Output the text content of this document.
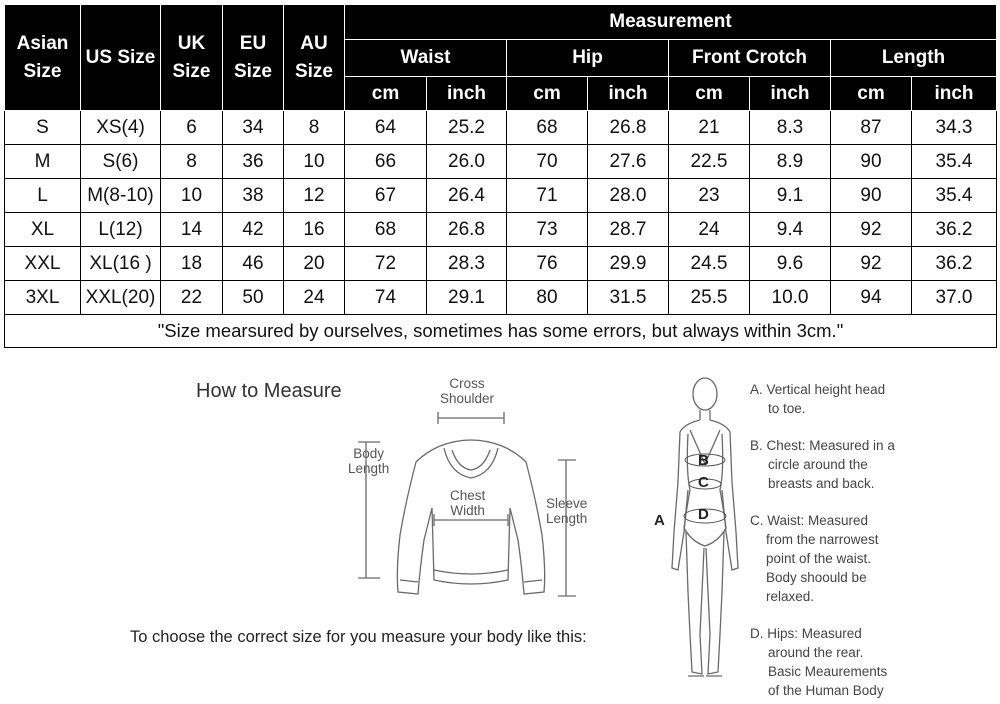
Asian Size	US Size	UK Size	EU Size	AU Size	Measurement							
					Waist		Hip		Front Crotch		Length	
					cm	inch	cm	inch	cm	inch	cm	inch
S	XS(4)	6	34	8	64	25.2	68	26.8	21	8.3	87	34.3
M	S(6)	8	36	10	66	26.0	70	27.6	22.5	8.9	90	35.4
L	M(8-10)	10	38	12	67	26.4	71	28.0	23	9.1	90	35.4
XL	L(12)	14	42	16	68	26.8	73	28.7	24	9.4	92	36.2
XXL	XL(16 )	18	46	20	72	28.3	76	29.9	24.5	9.6	92	36.2
3XL	XXL(20)	22	50	24	74	29.1	80	31.5	25.5	10.0	94	37.0
"Size mearsured by ourselves, sometimes has some errors, but always within 3cm."												
How to Measure	Cross
Shoulder
Body
Length
Chest
Width	Sleeve
Length
To choose the correct size for you measure your body like this:
B
C
D
A
A. Vertical height head
to toe.
B. Chest: Measured in a
circle around the
breasts and back.
C. Waist: Measured
from the narrowest
point of the waist.
Body shoould be
relaxed.
D. Hips: Measured
around the rear.
Basic Meaurements
of the Human Body
